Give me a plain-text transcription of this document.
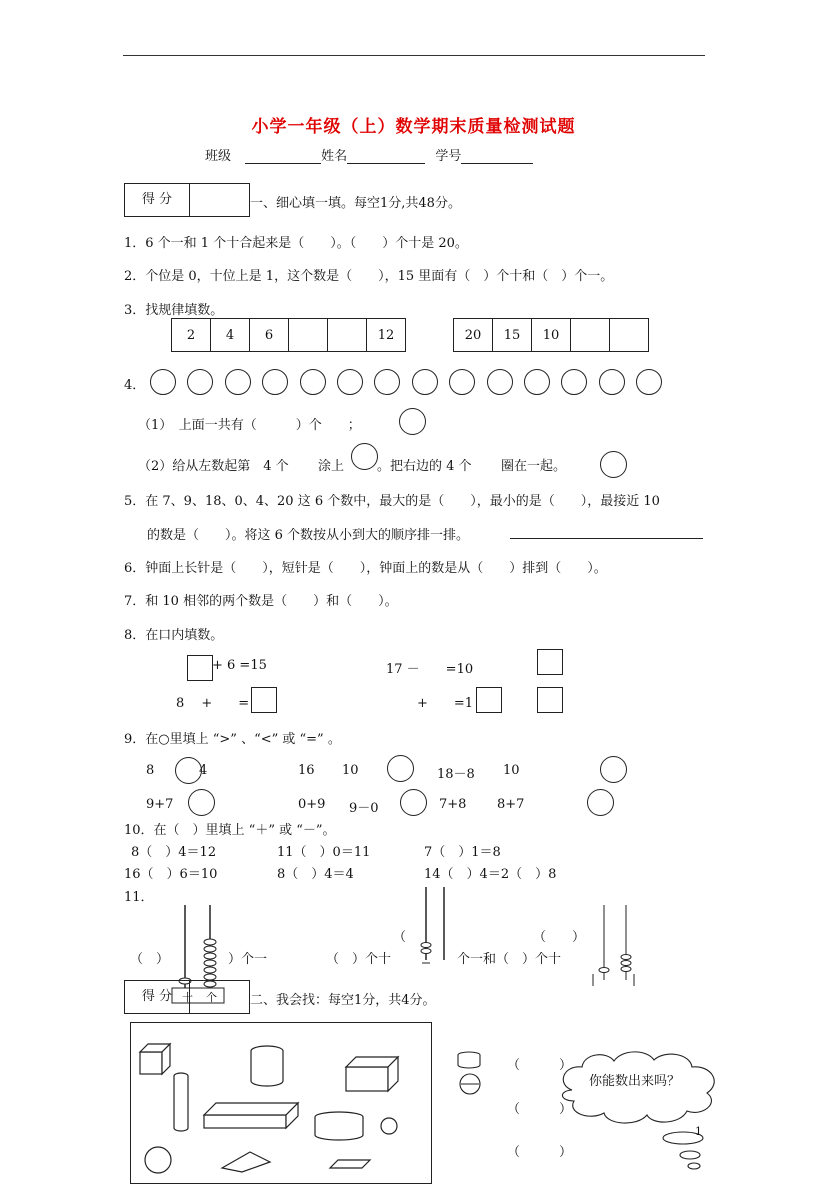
小学一年级（上）数学期末质量检测试题
班级	姓名	学号
得 分	一、细心填一填。每空1分,共48分。
1．6 个一和 1 个十合起来是（　　）。（　　）个十是 20。
2．个位是 0，十位上是 1，这个数是（　　），15 里面有（　）个十和（　）个一。
3．找规律填数。
2	4	6			12	20	15	10		
4．
（1）　上面一共有（　　　）个　　；
（2）给从左数起第　4 个 涂上	。把右边的 4 个 圈在一起。
5．在 7、9、18、0、4、20 这 6 个数中，最大的是（　　），最小的是（　　），最接近 10
的数是（　　）。将这 6 个数按从小到大的顺序排一排。
6．钟面上长针是（　　），短针是（　　），钟面上的数是从（　　）排到（　　）。
7．和 10 相邻的两个数是（　　）和（　　）。
8．在口内填数。
+ 6 =15	17 －　　=10
8　 +　　=	+　　=1
9．在○里填上 “>” 、“<” 或 “=” 。
8	4	16 10	18－8 10
9+7	0+9 9－0	7+8 8+7
10．在（　）里填上 “＋” 或 “－”。
8（　）4＝12	11（　）0＝11	7（　）1＝8
16（　）6＝10	8（　）4＝4	14（　）4＝2（　）8
11．
（　）	）个一	（　）个十
（
个一和（　）个十
（　　）
十 个
得 分	二、我会找：每空1分，共4分。
（　　　）
（　　　）
（　　　）
你能数出来吗？
1
